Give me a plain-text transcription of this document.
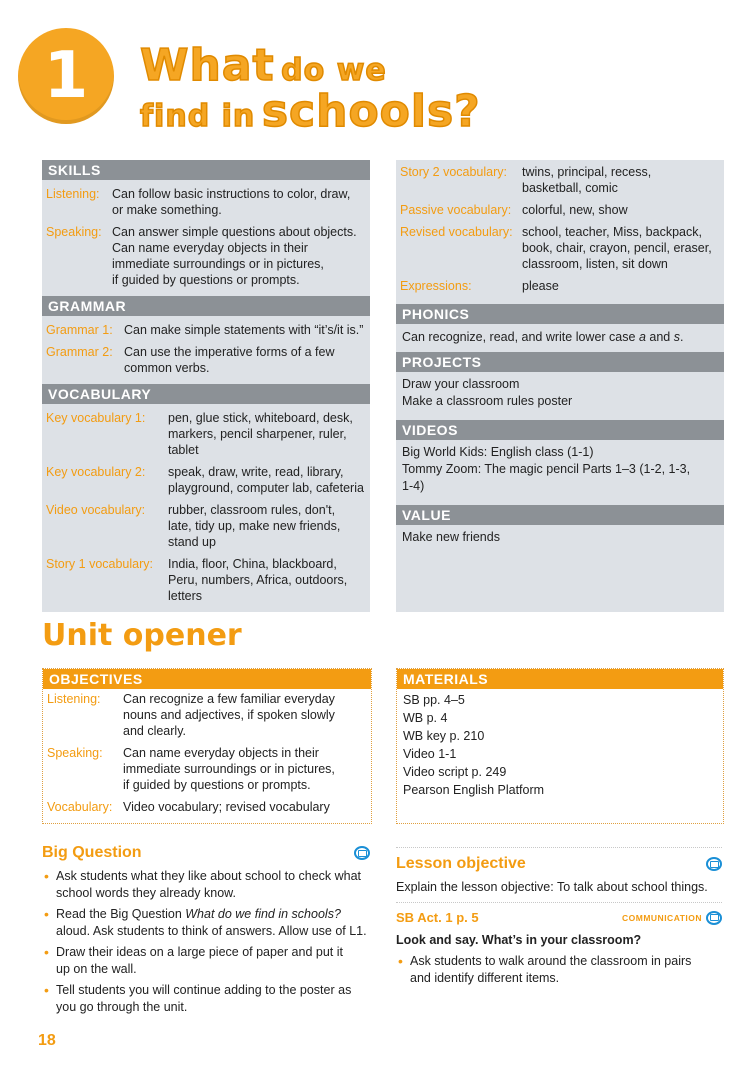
1	What do we
find in schools?
SKILLS
Listening: Can follow basic instructions to color, draw,
or make something.
Speaking: Can answer simple questions about objects.
Can name everyday objects in their
immediate surroundings or in pictures,
if guided by questions or prompts.
GRAMMAR
Grammar 1: Can make simple statements with “it’s/it is.”
Grammar 2: Can use the imperative forms of a few
common verbs.
VOCABULARY
Key vocabulary 1:	pen, glue stick, whiteboard, desk,
markers, pencil sharpener, ruler,
tablet
Key vocabulary 2:	speak, draw, write, read, library,
playground, computer lab, cafeteria
Video vocabulary:	rubber, classroom rules, don't,
late, tidy up, make new friends,
stand up
Story 1 vocabulary:	India, floor, China, blackboard,
Peru, numbers, Africa, outdoors,
letters
Story 2 vocabulary:	twins, principal, recess,
basketball, comic
Passive vocabulary: colorful, new, show
Revised vocabulary: school, teacher, Miss, backpack,
book, chair, crayon, pencil, eraser,
classroom, listen, sit down
Expressions:	please
PHONICS
Can recognize, read, and write lower case a and s.
PROJECTS
Draw your classroom
Make a classroom rules poster
VIDEOS
Big World Kids: English class (1-1)
Tommy Zoom: The magic pencil Parts 1–3 (1-2, 1-3,
1-4)
VALUE
Make new friends
Unit opener
OBJECTIVES
Listening:	Can recognize a few familiar everyday
nouns and adjectives, if spoken slowly
and clearly.
Speaking:	Can name everyday objects in their
immediate surroundings or in pictures,
if guided by questions or prompts.
Vocabulary: Video vocabulary; revised vocabulary
MATERIALS
SB pp. 4–5
WB p. 4
WB key p. 210
Video 1-1
Video script p. 249
Pearson English Platform
Big Question
• Ask students what they like about school to check what
school words they already know.
• Read the Big Question What do we find in schools?
aloud. Ask students to think of answers. Allow use of L1.
• Draw their ideas on a large piece of paper and put it
up on the wall.
• Tell students you will continue adding to the poster as
you go through the unit.
Lesson objective
Explain the lesson objective: To talk about school things.
SB Act. 1 p. 5	COMMUNICATION
Look and say. What’s in your classroom?
• Ask students to walk around the classroom in pairs
and identify different items.
18
